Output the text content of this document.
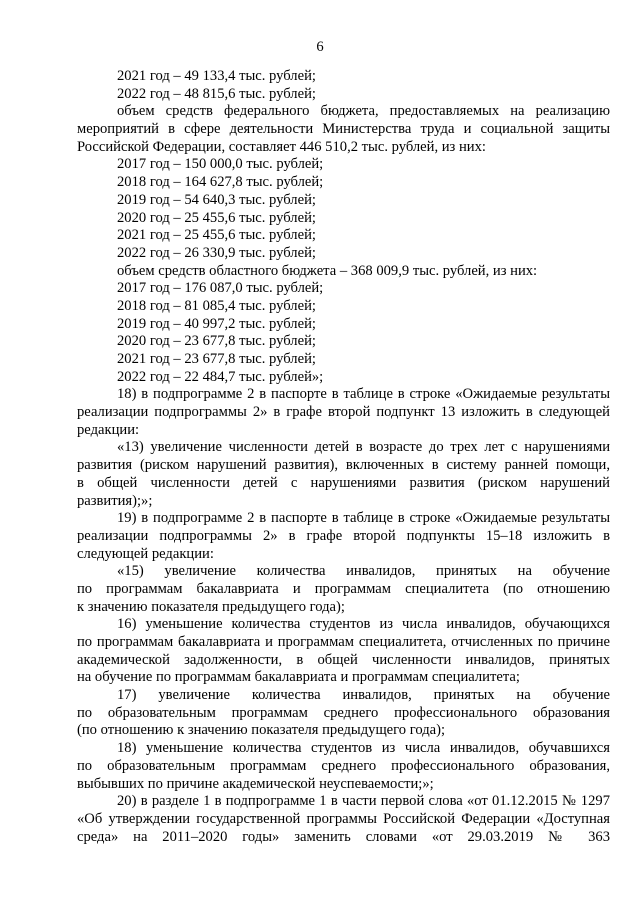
6
2021 год – 49 133,4 тыс. рублей;
2022 год – 48 815,6 тыс. рублей;
объем средств федерального бюджета, предоставляемых на реализацию
мероприятий в сфере деятельности Министерства труда и социальной защиты
Российской Федерации, составляет 446 510,2 тыс. рублей, из них:
2017 год – 150 000,0 тыс. рублей;
2018 год – 164 627,8 тыс. рублей;
2019 год – 54 640,3 тыс. рублей;
2020 год – 25 455,6 тыс. рублей;
2021 год – 25 455,6 тыс. рублей;
2022 год – 26 330,9 тыс. рублей;
объем средств областного бюджета – 368 009,9 тыс. рублей, из них:
2017 год – 176 087,0 тыс. рублей;
2018 год – 81 085,4 тыс. рублей;
2019 год – 40 997,2 тыс. рублей;
2020 год – 23 677,8 тыс. рублей;
2021 год – 23 677,8 тыс. рублей;
2022 год – 22 484,7 тыс. рублей»;
18) в подпрограмме 2 в паспорте в таблице в строке «Ожидаемые результаты
реализации подпрограммы 2» в графе второй подпункт 13 изложить в следующей
редакции:
«13) увеличение численности детей в возрасте до трех лет с нарушениями
развития (риском нарушений развития), включенных в систему ранней помощи,
в общей численности детей с нарушениями развития (риском нарушений
развития);»;
19) в подпрограмме 2 в паспорте в таблице в строке «Ожидаемые результаты
реализации подпрограммы 2» в графе второй подпункты 15–18 изложить в
следующей редакции:
«15) увеличение количества инвалидов, принятых на обучение
по программам бакалавриата и программам специалитета (по отношению
к значению показателя предыдущего года);
16) уменьшение количества студентов из числа инвалидов, обучающихся
по программам бакалавриата и программам специалитета, отчисленных по причине
академической задолженности, в общей численности инвалидов, принятых
на обучение по программам бакалавриата и программам специалитета;
17) увеличение количества инвалидов, принятых на обучение
по образовательным программам среднего профессионального образования
(по отношению к значению показателя предыдущего года);
18) уменьшение количества студентов из числа инвалидов, обучавшихся
по образовательным программам среднего профессионального образования,
выбывших по причине академической неуспеваемости;»;
20) в разделе 1 в подпрограмме 1 в части первой слова «от 01.12.2015 № 1297
«Об утверждении государственной программы Российской Федерации «Доступная
среда» на 2011–2020 годы» заменить словами «от 29.03.2019 № 363
